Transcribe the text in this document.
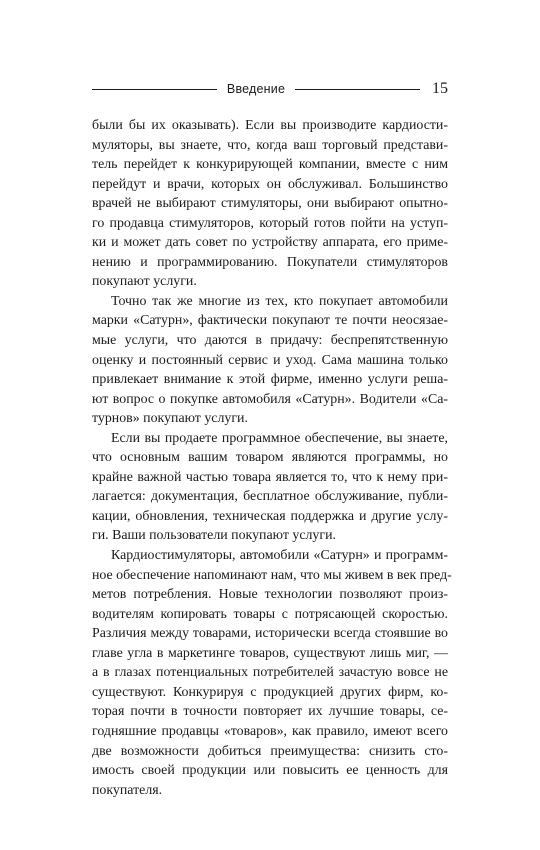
Введение	15
были бы их оказывать). Если вы производите кардиости-
муляторы, вы знаете, что, когда ваш торговый представи-
тель перейдет к конкурирующей компании, вместе с ним
перейдут и врачи, которых он обслуживал. Большинство
врачей не выбирают стимуляторы, они выбирают опытно-
го продавца стимуляторов, который готов пойти на уступ-
ки и может дать совет по устройству аппарата, его приме-
нению и программированию. Покупатели стимуляторов
покупают услуги.
Точно так же многие из тех, кто покупает автомобили
марки «Сатурн», фактически покупают те почти неосязае-
мые услуги, что даются в придачу: беспрепятственную
оценку и постоянный сервис и уход. Сама машина только
привлекает внимание к этой фирме, именно услуги реша-
ют вопрос о покупке автомобиля «Сатурн». Водители «Са-
турнов» покупают услуги.
Если вы продаете программное обеспечение, вы знаете,
что основным вашим товаром являются программы, но
крайне важной частью товара является то, что к нему при-
лагается: документация, бесплатное обслуживание, публи-
кации, обновления, техническая поддержка и другие услу-
ги. Ваши пользователи покупают услуги.
Кардиостимуляторы, автомобили «Сатурн» и программ-
ное обеспечение напоминают нам, что мы живем в век пред-
метов потребления. Новые технологии позволяют произ-
водителям копировать товары с потрясающей скоростью.
Различия между товарами, исторически всегда стоявшие во
главе угла в маркетинге товаров, существуют лишь миг, —
а в глазах потенциальных потребителей зачастую вовсе не
существуют. Конкурируя с продукцией других фирм, ко-
торая почти в точности повторяет их лучшие товары, се-
годняшние продавцы «товаров», как правило, имеют всего
две возможности добиться преимущества: снизить сто-
имость своей продукции или повысить ее ценность для
покупателя.
